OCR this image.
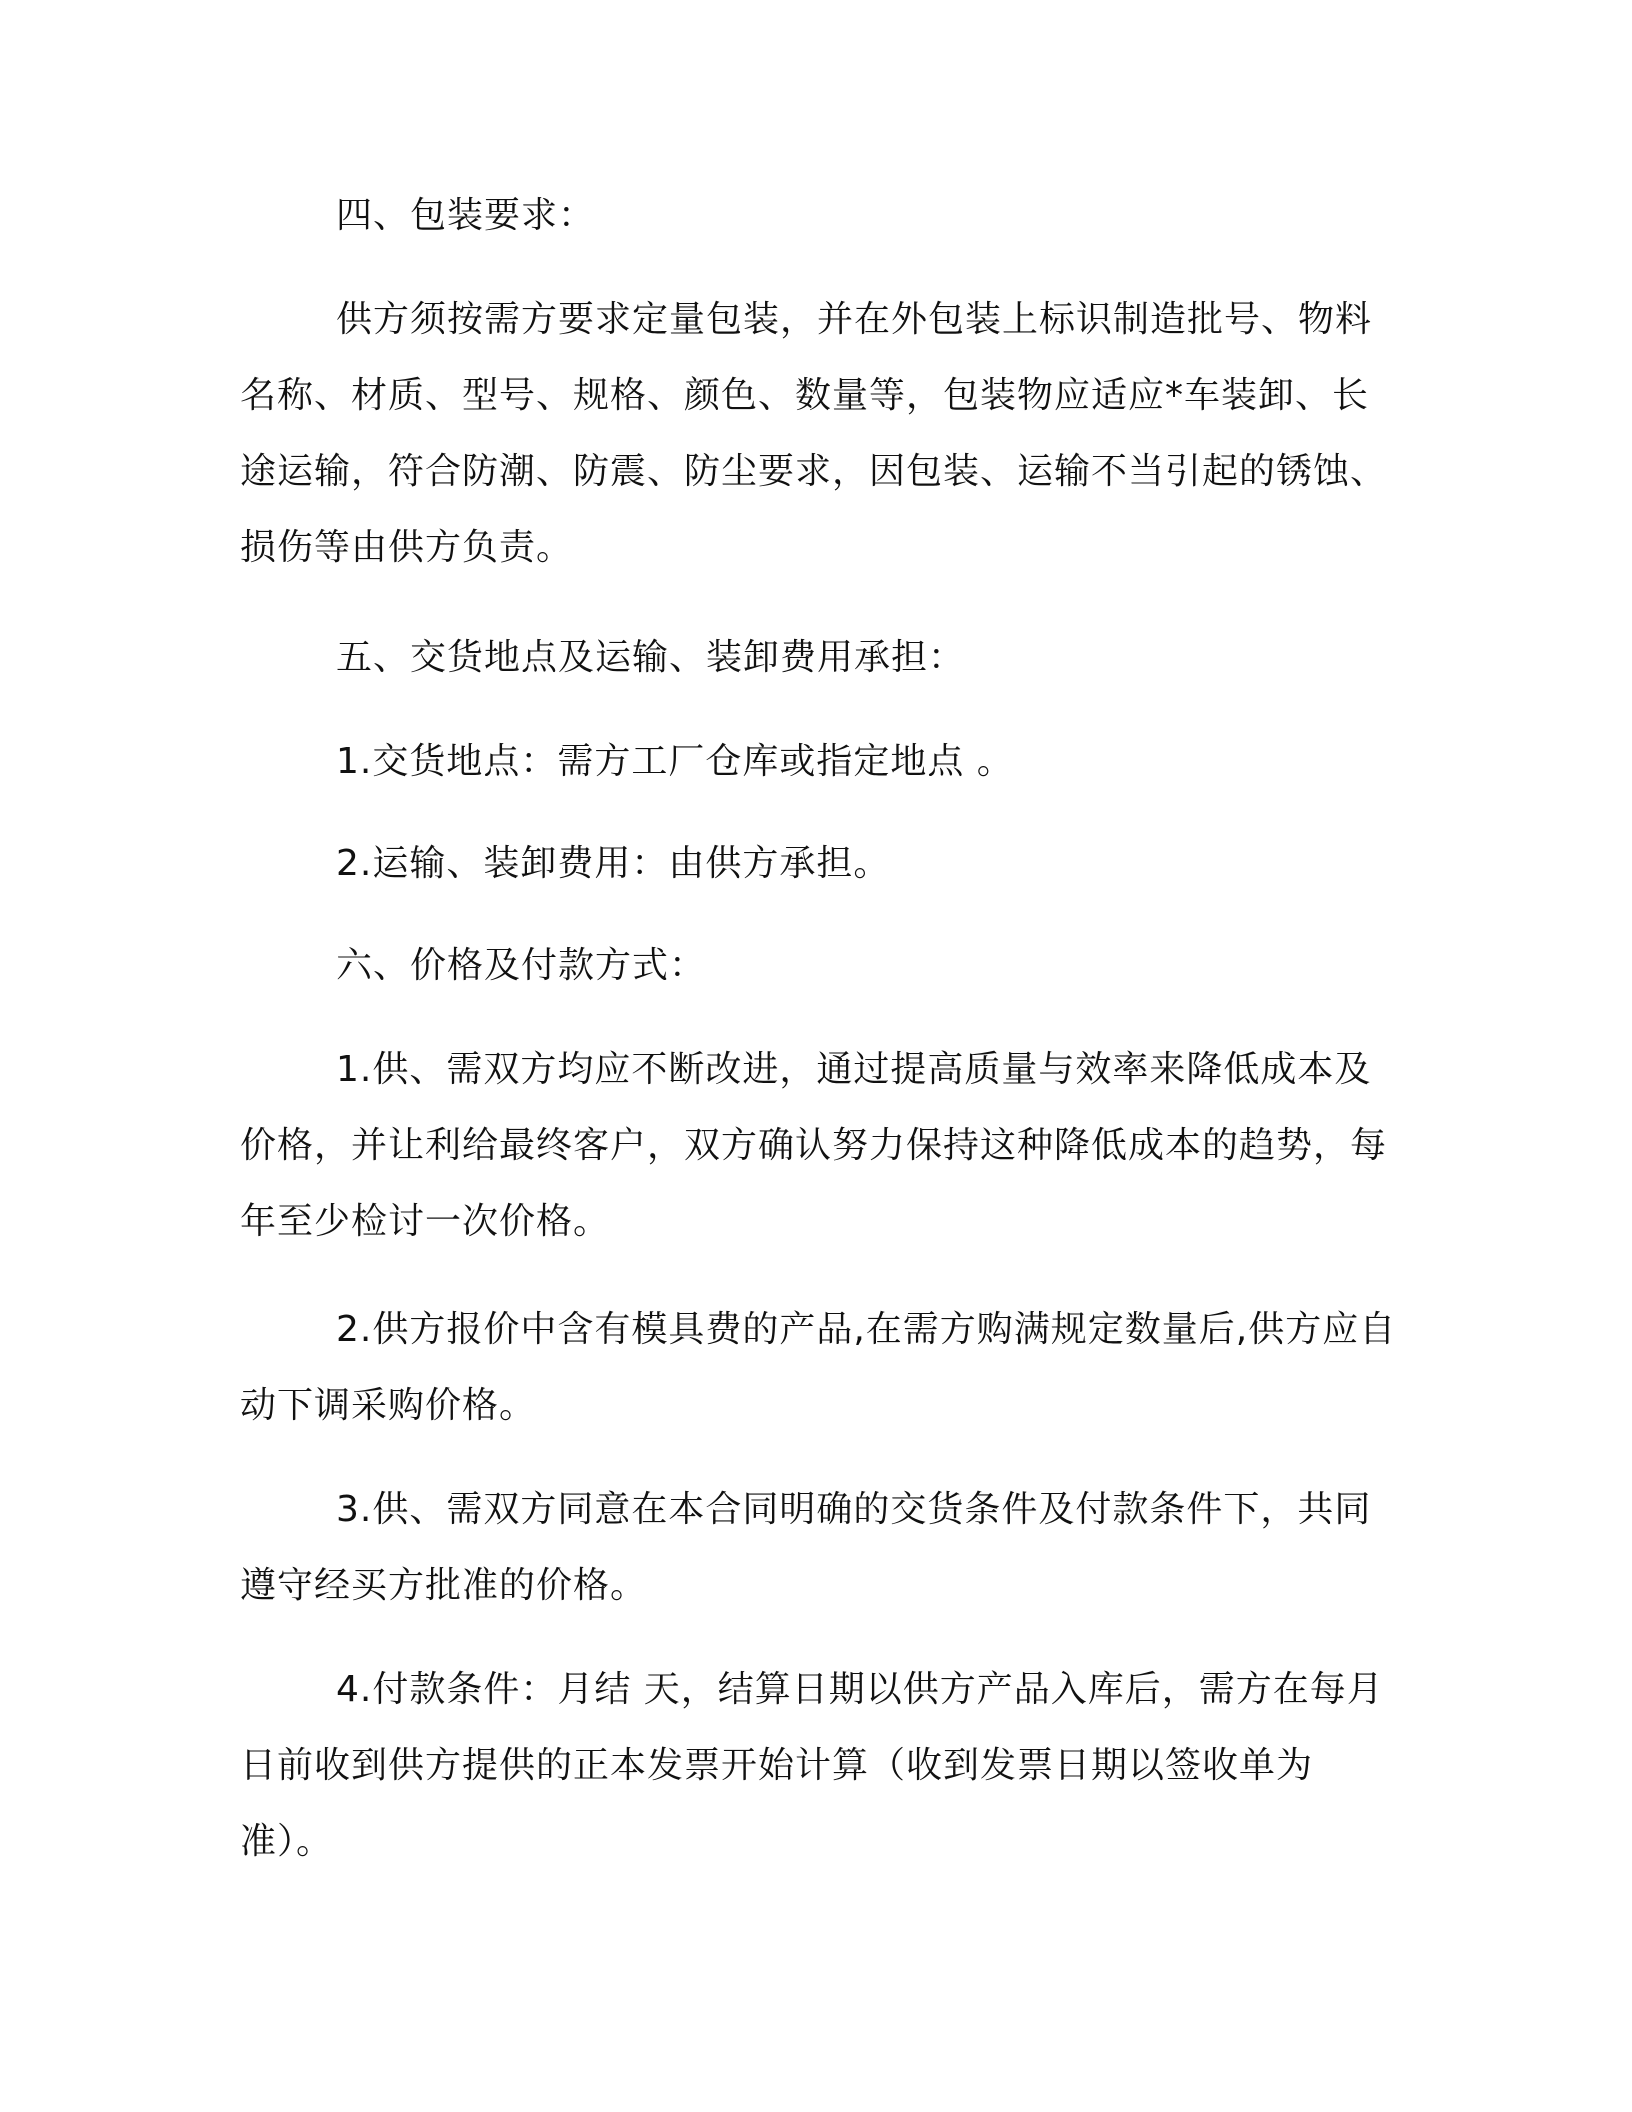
四、包装要求：

供方须按需方要求定量包装，并在外包装上标识制造批号、物料名称、材质、型号、规格、颜色、数量等，包装物应适应*车装卸、长途运输，符合防潮、防震、防尘要求，因包装、运输不当引起的锈蚀、损伤等由供方负责。

五、交货地点及运输、装卸费用承担：

1.交货地点：需方工厂仓库或指定地点 。

2.运输、装卸费用：由供方承担。

六、价格及付款方式：

1.供、需双方均应不断改进，通过提高质量与效率来降低成本及价格，并让利给最终客户，双方确认努力保持这种降低成本的趋势，每年至少检讨一次价格。

2.供方报价中含有模具费的产品,在需方购满规定数量后,供方应自动下调采购价格。

3.供、需双方同意在本合同明确的交货条件及付款条件下，共同遵守经买方批准的价格。

4.付款条件：月结 天，结算日期以供方产品入库后，需方在每月 日前收到供方提供的正本发票开始计算（收到发票日期以签收单为准）。
